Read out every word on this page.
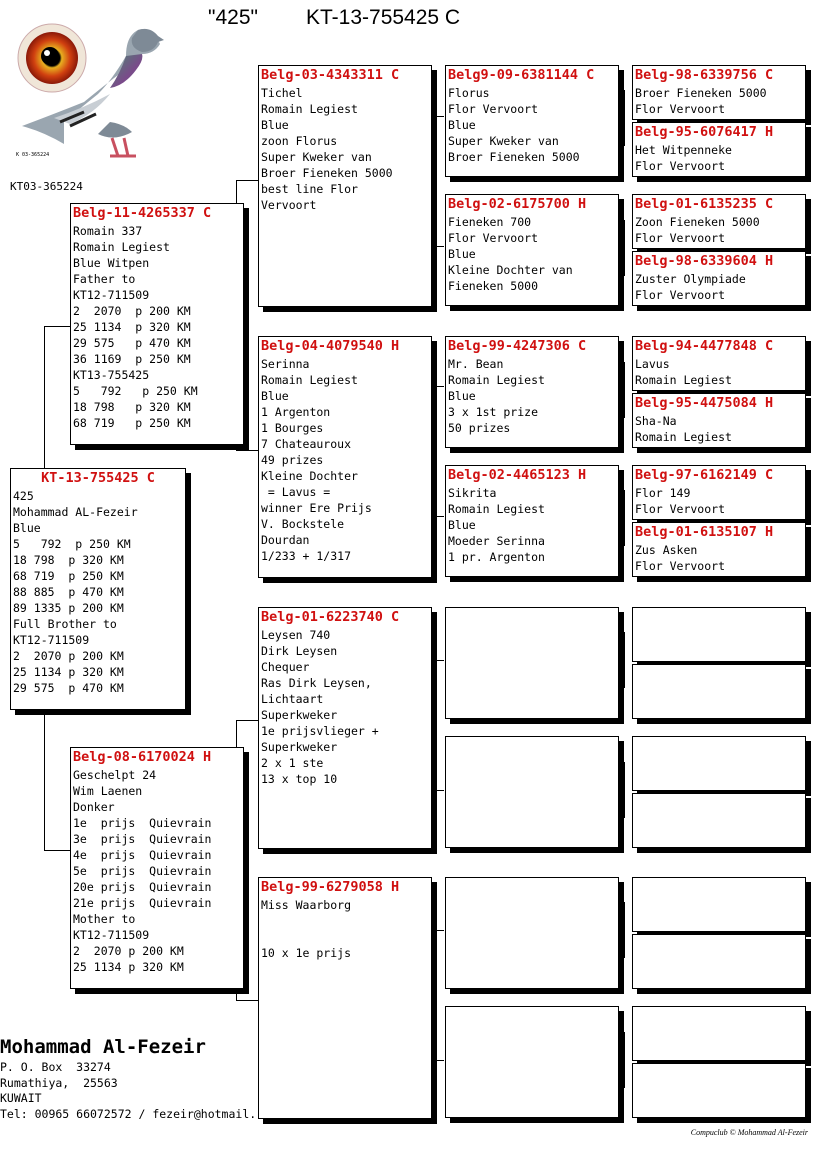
"425" KT-13-755425 C
K 03-365224
KT03-365224
KT-13-755425 C
425
Mohammad AL-Fezeir
Blue
5   792  p 250 KM
18 798  p 320 KM
68 719  p 250 KM
88 885  p 470 KM
89 1335 p 200 KM
Full Brother to
KT12-711509
2  2070 p 200 KM
25 1134 p 320 KM
29 575  p 470 KM
Belg-11-4265337 C
Romain 337
Romain Legiest
Blue Witpen
Father to
KT12-711509
2  2070  p 200 KM
25 1134  p 320 KM
29 575   p 470 KM
36 1169  p 250 KM
KT13-755425
5   792   p 250 KM
18 798   p 320 KM
68 719   p 250 KM
Belg-08-6170024 H
Geschelpt 24
Wim Laenen
Donker
1e  prijs  Quievrain
3e  prijs  Quievrain
4e  prijs  Quievrain
5e  prijs  Quievrain
20e prijs  Quievrain
21e prijs  Quievrain
Mother to
KT12-711509
2  2070 p 200 KM
25 1134 p 320 KM
Belg-03-4343311 C
Tichel
Romain Legiest
Blue
zoon Florus
Super Kweker van
Broer Fieneken 5000
best line Flor
Vervoort
Belg-04-4079540 H
Serinna
Romain Legiest
Blue
1 Argenton
1 Bourges
7 Chateauroux
49 prizes
Kleine Dochter
= Lavus =
winner Ere Prijs
V. Bockstele
Dourdan
1/233 + 1/317
Belg-01-6223740 C
Leysen 740
Dirk Leysen
Chequer
Ras Dirk Leysen,
Lichtaart
Superkweker
1e prijsvlieger +
Superkweker
2 x 1 ste
13 x top 10
Belg-99-6279058 H
Miss Waarborg

10 x 1e prijs
Belg9-09-6381144 C
Florus
Flor Vervoort
Blue
Super Kweker van
Broer Fieneken 5000
Belg-02-6175700 H
Fieneken 700
Flor Vervoort
Blue
Kleine Dochter van
Fieneken 5000
Belg-99-4247306 C
Mr. Bean
Romain Legiest
Blue
3 x 1st prize
50 prizes
Belg-02-4465123 H
Sikrita
Romain Legiest
Blue
Moeder Serinna
1 pr. Argenton
Belg-98-6339756 C
Broer Fieneken 5000
Flor Vervoort
Belg-95-6076417 H
Het Witpenneke
Flor Vervoort
Belg-01-6135235 C
Zoon Fieneken 5000
Flor Vervoort
Belg-98-6339604 H
Zuster Olympiade
Flor Vervoort
Belg-94-4477848 C
Lavus
Romain Legiest
Belg-95-4475084 H
Sha-Na
Romain Legiest
Belg-97-6162149 C
Flor 149
Flor Vervoort
Belg-01-6135107 H
Zus Asken
Flor Vervoort
Mohammad Al-Fezeir
P. O. Box  33274
Rumathiya,  25563
KUWAIT
Tel: 00965 66072572 / fezeir@hotmail.
Compuclub © Mohammad Al-Fezeir
